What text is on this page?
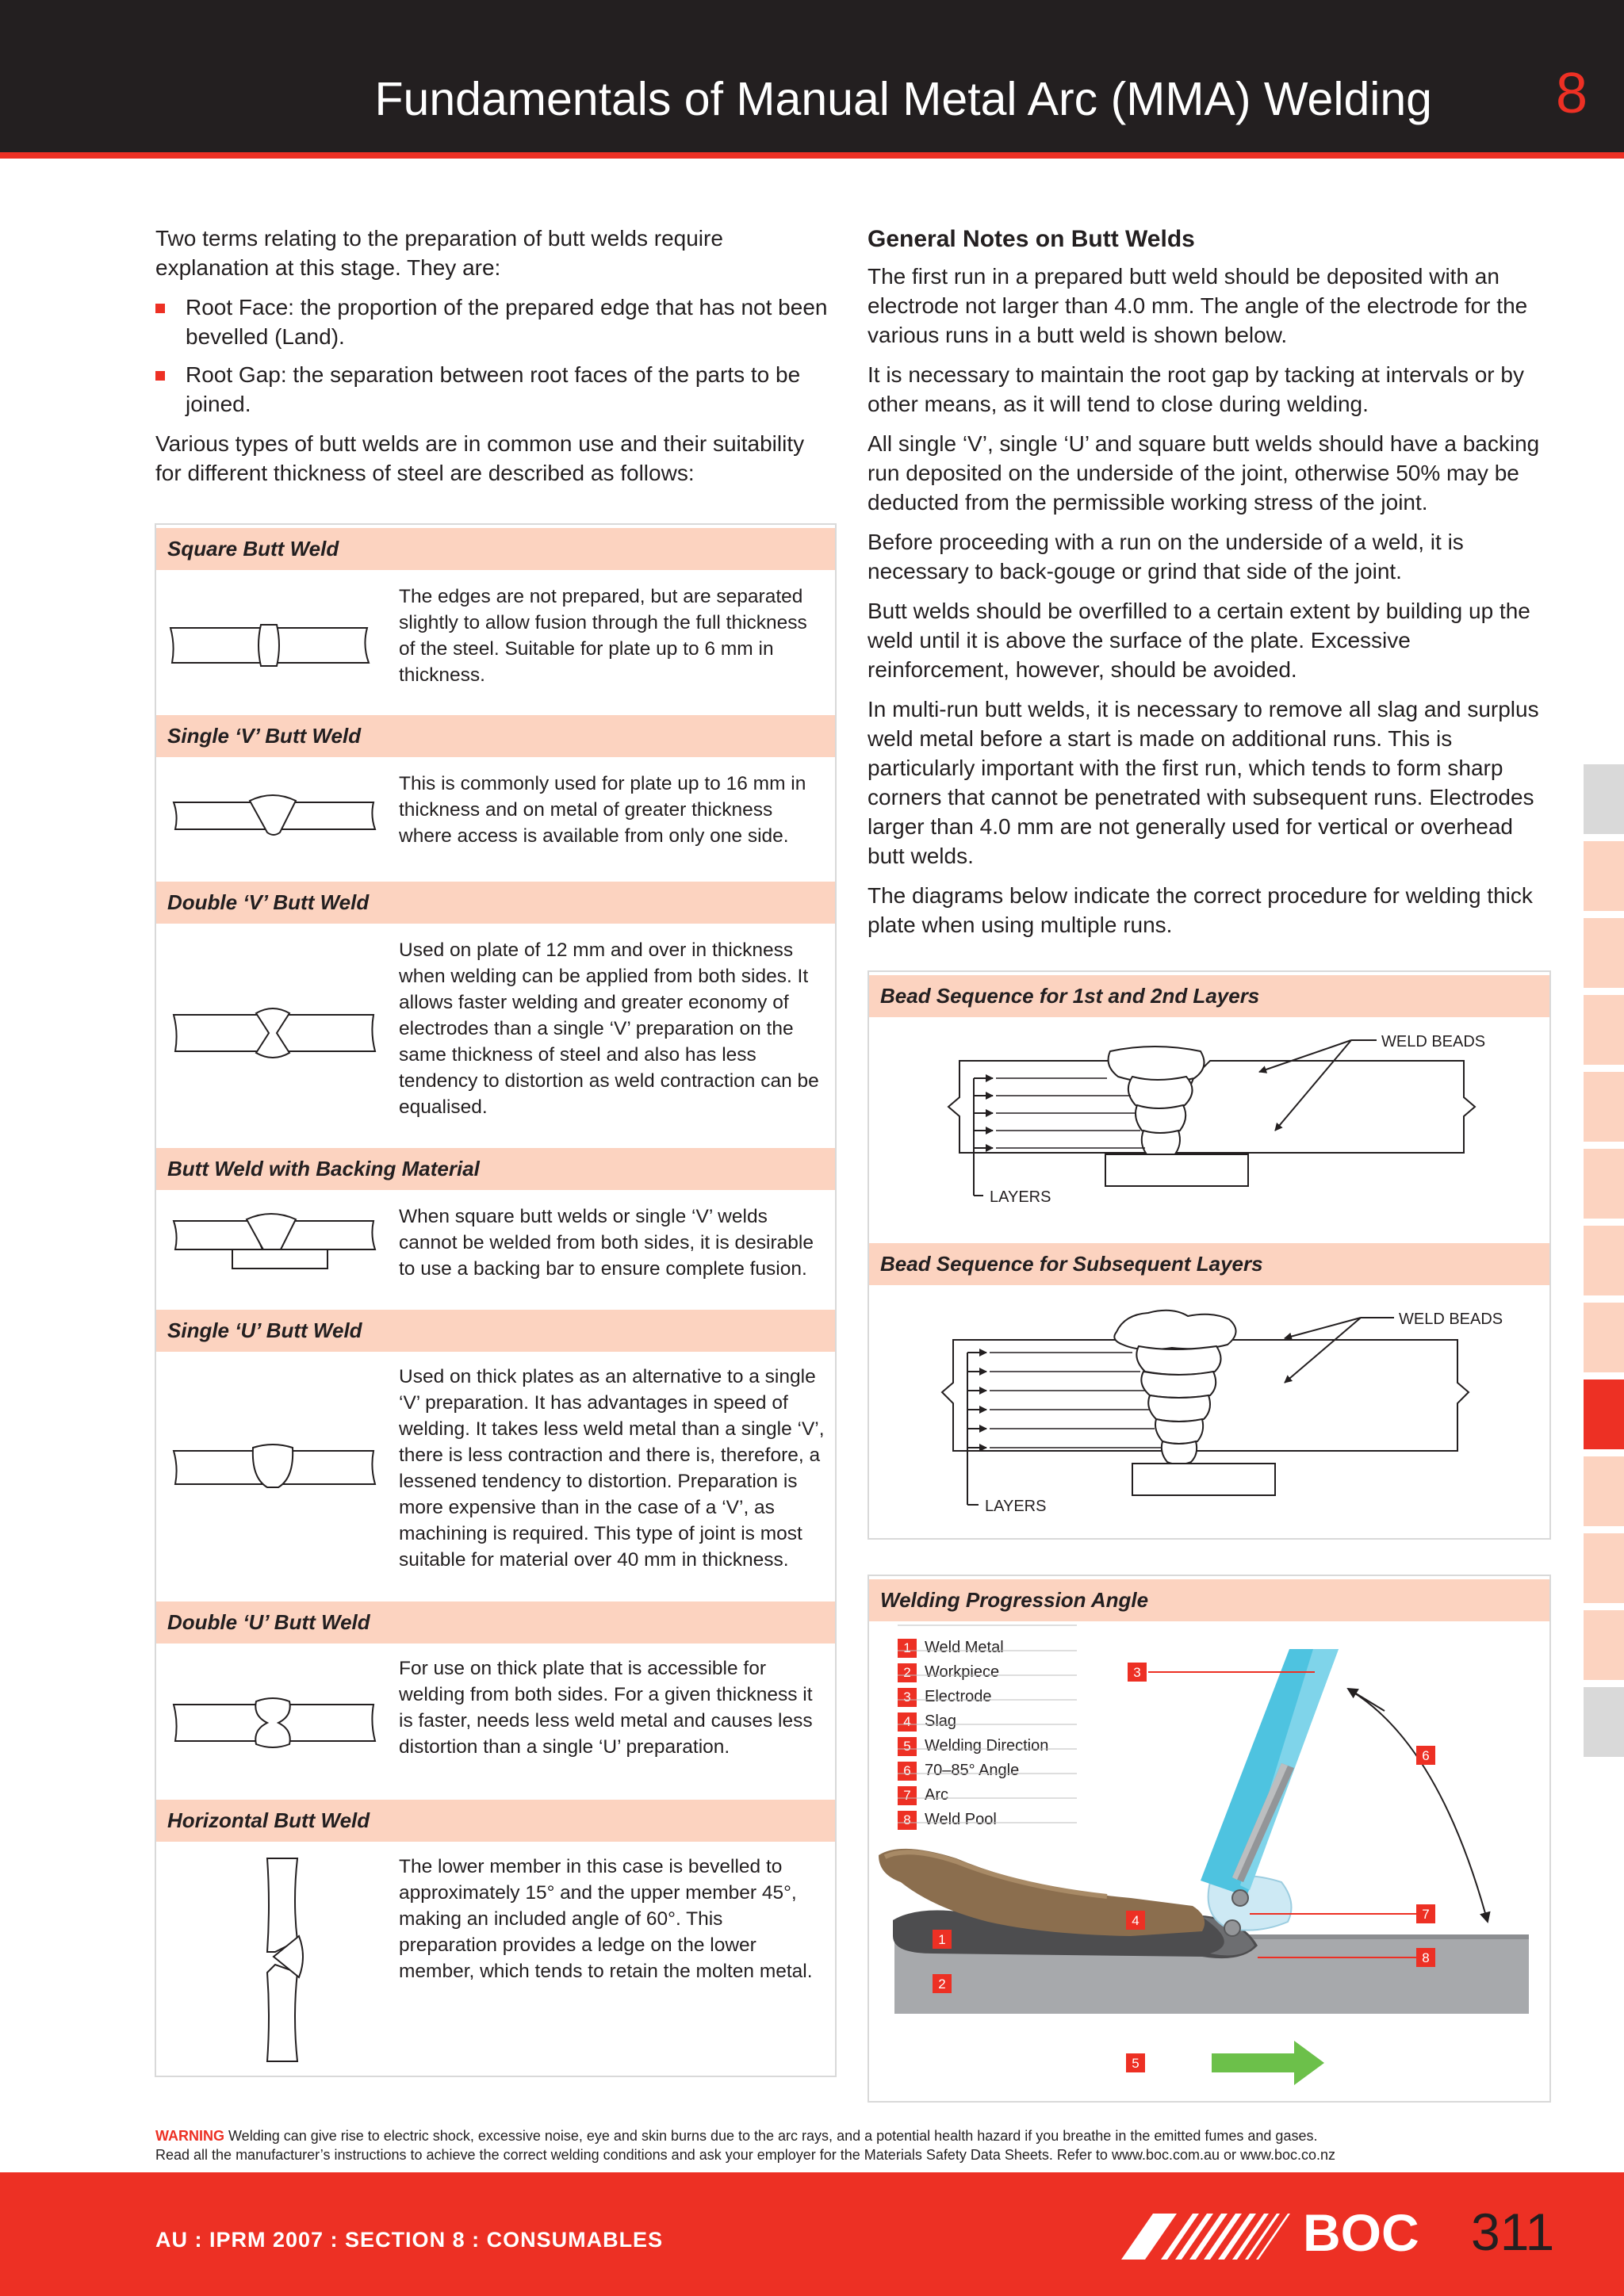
Fundamentals of Manual Metal Arc (MMA) Welding 8

Two terms relating to the preparation of butt welds require explanation at this stage. They are:

Root Face: the proportion of the prepared edge that has not been bevelled (Land).
Root Gap: the separation between root faces of the parts to be joined.

Various types of butt welds are in common use and their suitability for different thickness of steel are described as follows:

Square Butt Weld
The edges are not prepared, but are separated slightly to allow fusion through the full thickness of the steel. Suitable for plate up to 6 mm in thickness.
Single ‘V’ Butt Weld
This is commonly used for plate up to 16 mm in thickness and on metal of greater thickness where access is available from only one side.
Double ‘V’ Butt Weld
Used on plate of 12 mm and over in thickness when welding can be applied from both sides. It allows faster welding and greater economy of electrodes than a single ‘V’ preparation on the same thickness of steel and also has less tendency to distortion as weld contraction can be equalised.
Butt Weld with Backing Material
When square butt welds or single ‘V’ welds cannot be welded from both sides, it is desirable to use a backing bar to ensure complete fusion.
Single ‘U’ Butt Weld
Used on thick plates as an alternative to a single ‘V’ preparation. It has advantages in speed of welding. It takes less weld metal than a single ‘V’, there is less contraction and there is, therefore, a lessened tendency to distortion. Preparation is more expensive than in the case of a ‘V’, as machining is required. This type of joint is most suitable for material over 40 mm in thickness.
Double ‘U’ Butt Weld
For use on thick plate that is accessible for welding from both sides. For a given thickness it is faster, needs less weld metal and causes less distortion than a single ‘U’ preparation.
Horizontal Butt Weld
The lower member in this case is bevelled to approximately 15° and the upper member 45°, making an included angle of 60°. This preparation provides a ledge on the lower member, which tends to retain the molten metal.
General Notes on Butt Welds

The first run in a prepared butt weld should be deposited with an electrode not larger than 4.0 mm. The angle of the electrode for the various runs in a butt weld is shown below.

It is necessary to maintain the root gap by tacking at intervals or by other means, as it will tend to close during welding.

All single ‘V’, single ‘U’ and square butt welds should have a backing run deposited on the underside of the joint, otherwise 50% may be deducted from the permissible working stress of the joint.

Before proceeding with a run on the underside of a weld, it is necessary to back-gouge or grind that side of the joint.

Butt welds should be overfilled to a certain extent by building up the weld until it is above the surface of the plate. Excessive reinforcement, however, should be avoided.

In multi-run butt welds, it is necessary to remove all slag and surplus weld metal before a start is made on additional runs. This is particularly important with the first run, which tends to form sharp corners that cannot be penetrated with subsequent runs. Electrodes larger than 4.0 mm are not generally used for vertical or overhead butt welds.

The diagrams below indicate the correct procedure for welding thick plate when using multiple runs.

Bead Sequence for 1st and 2nd Layers
WELD BEADS
LAYERS
Bead Sequence for Subsequent Layers
WELD BEADS
LAYERS
Welding Progression Angle
1 Weld Metal
2 Workpiece
3 Electrode
4 Slag
5 Welding Direction
6 70–85° Angle
7 Arc
8 Weld Pool
3
6
7
8
4
1
2
5
WARNING Welding can give rise to electric shock, excessive noise, eye and skin burns due to the arc rays, and a potential health hazard if you breathe in the emitted fumes and gases.
Read all the manufacturer’s instructions to achieve the correct welding conditions and ask your employer for the Materials Safety Data Sheets. Refer to www.boc.com.au or www.boc.co.nz
AU : IPRM 2007 : SECTION 8 : CONSUMABLES	BOC 311
